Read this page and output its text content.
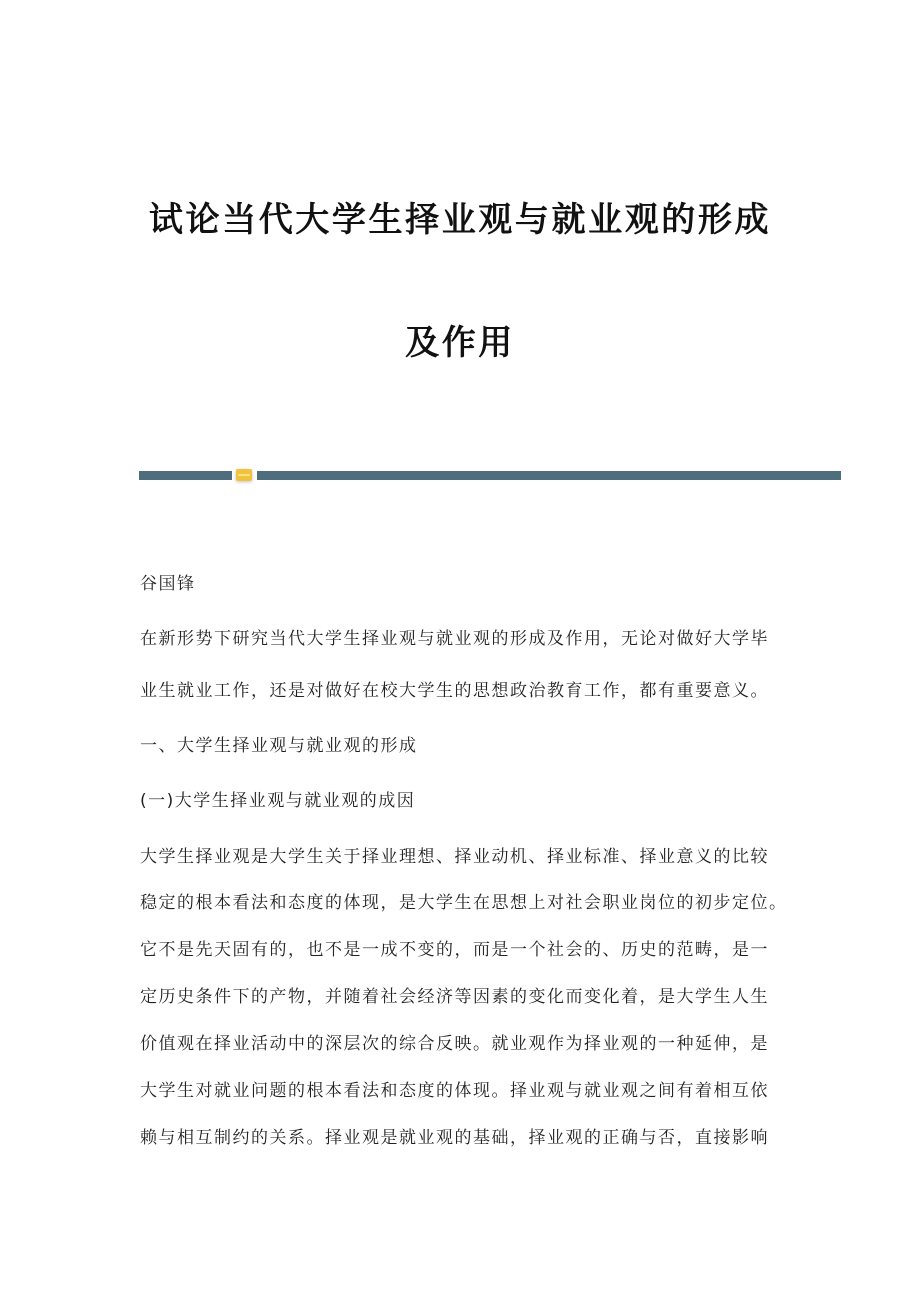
试论当代大学生择业观与就业观的形成
及作用
谷国锋
在新形势下研究当代大学生择业观与就业观的形成及作用，无论对做好大学毕
业生就业工作，还是对做好在校大学生的思想政治教育工作，都有重要意义。
一、大学生择业观与就业观的形成
(一)大学生择业观与就业观的成因
大学生择业观是大学生关于择业理想、择业动机、择业标准、择业意义的比较
稳定的根本看法和态度的体现，是大学生在思想上对社会职业岗位的初步定位。
它不是先天固有的，也不是一成不变的，而是一个社会的、历史的范畴，是一
定历史条件下的产物，并随着社会经济等因素的变化而变化着，是大学生人生
价值观在择业活动中的深层次的综合反映。就业观作为择业观的一种延伸，是
大学生对就业问题的根本看法和态度的体现。择业观与就业观之间有着相互依
赖与相互制约的关系。择业观是就业观的基础，择业观的正确与否，直接影响
